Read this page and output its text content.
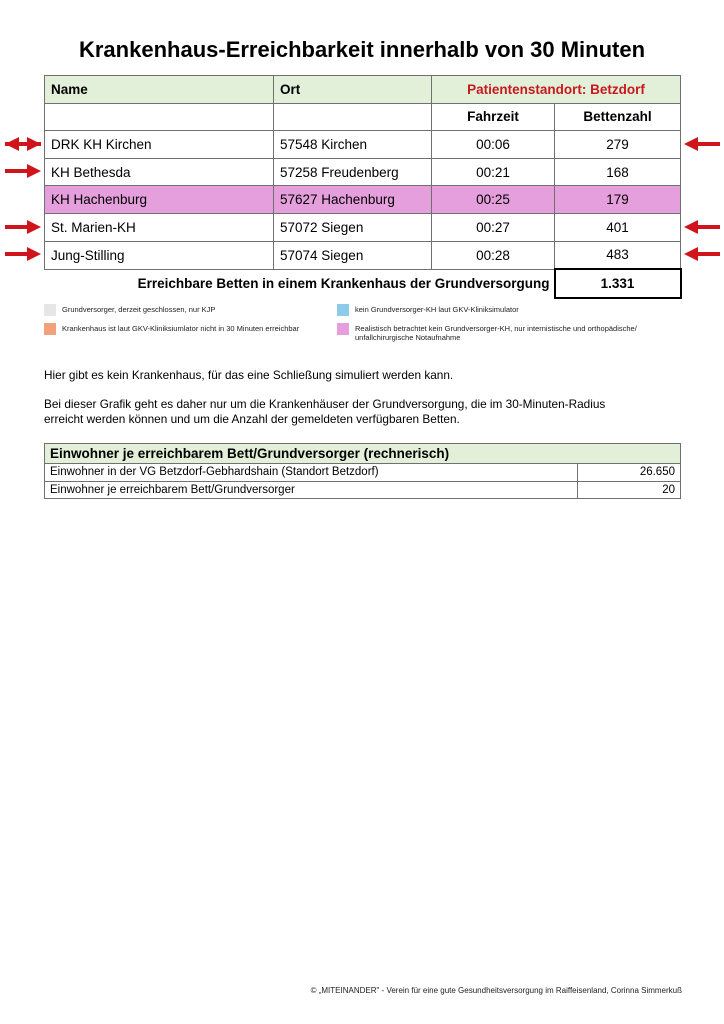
Krankenhaus-Erreichbarkeit innerhalb von 30 Minuten
Name	Ort	Patientenstandort: Betzdorf	
		Fahrzeit	Bettenzahl
DRK KH Kirchen	57548 Kirchen	00:06	279
KH Bethesda	57258 Freudenberg	00:21	168
KH Hachenburg	57627 Hachenburg	00:25	179
St. Marien-KH	57072 Siegen	00:27	401
Jung-Stilling	57074 Siegen	00:28	483
Erreichbare Betten in einem Krankenhaus der Grundversorgung			1.331
Grundversorger, derzeit geschlossen, nur KJP	kein Grundversorger-KH laut GKV-Kliniksimulator
Krankenhaus ist laut GKV-Kliniksiumlator nicht in 30 Minuten erreichbar	Realistisch betrachtet kein Grundversorger-KH, nur internistische und orthopädische/ unfallchirurgische Notaufnahme
Hier gibt es kein Krankenhaus, für das eine Schließung simuliert werden kann.
Bei dieser Grafik geht es daher nur um die Krankenhäuser der Grundversorgung, die im 30-Minuten-Radius
erreicht werden können und um die Anzahl der gemeldeten verfügbaren Betten.
Einwohner je erreichbarem Bett/Grundversorger (rechnerisch)	
Einwohner in der VG Betzdorf-Gebhardshain (Standort Betzdorf)	26.650
Einwohner je erreichbarem Bett/Grundversorger	20
© „MITEINANDER" - Verein für eine gute Gesundheitsversorgung im Raiffeisenland, Corinna Simmerkuß
